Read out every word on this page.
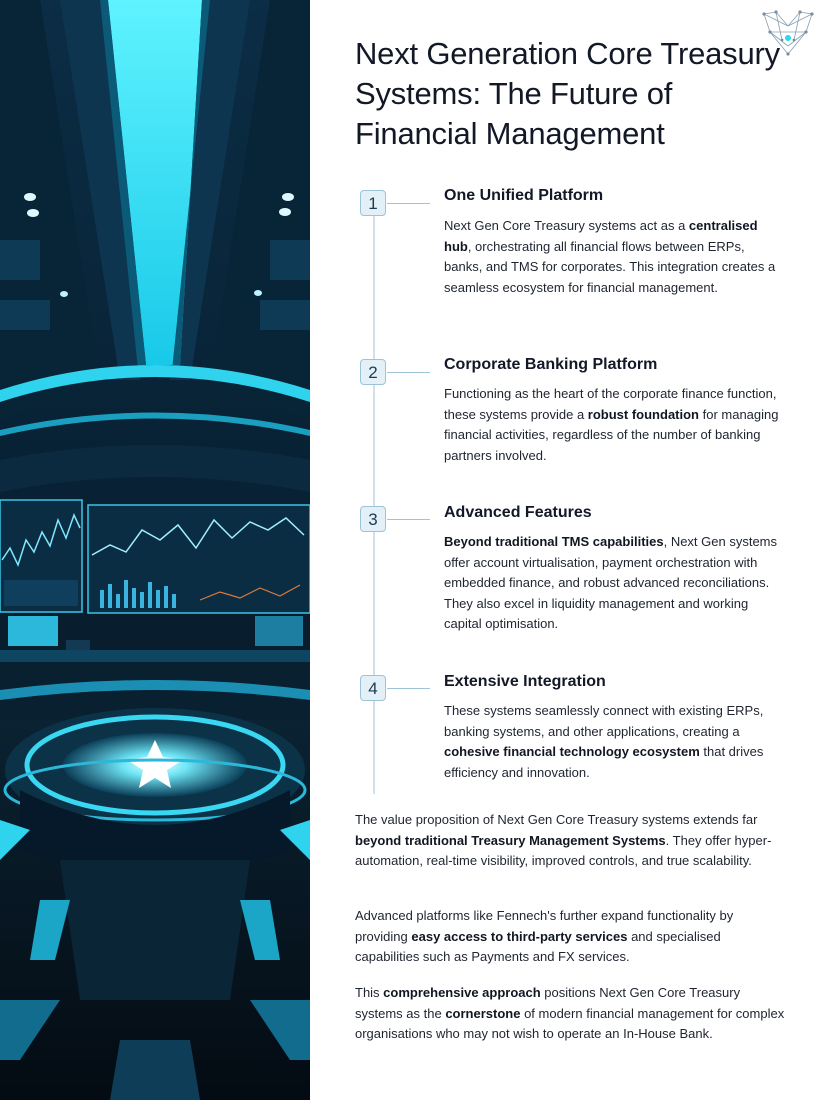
Next Generation Core Treasury Systems: The Future of Financial Management
1	One Unified Platform

Next Gen Core Treasury systems act as a centralised hub, orchestrating all financial flows between ERPs, banks, and TMS for corporates. This integration creates a seamless ecosystem for financial management.

2	Corporate Banking Platform

Functioning as the heart of the corporate finance function, these systems provide a robust foundation for managing financial activities, regardless of the number of banking partners involved.

3	Advanced Features

Beyond traditional TMS capabilities, Next Gen systems offer account virtualisation, payment orchestration with embedded finance, and robust advanced reconciliations. They also excel in liquidity management and working capital optimisation.

4	Extensive Integration

These systems seamlessly connect with existing ERPs, banking systems, and other applications, creating a cohesive financial technology ecosystem that drives efficiency and innovation.

The value proposition of Next Gen Core Treasury systems extends far beyond traditional Treasury Management Systems. They offer hyper-automation, real-time visibility, improved controls, and true scalability.

Advanced platforms like Fennech's further expand functionality by providing easy access to third-party services and specialised capabilities such as Payments and FX services.

This comprehensive approach positions Next Gen Core Treasury systems as the cornerstone of modern financial management for complex organisations who may not wish to operate an In-House Bank.
